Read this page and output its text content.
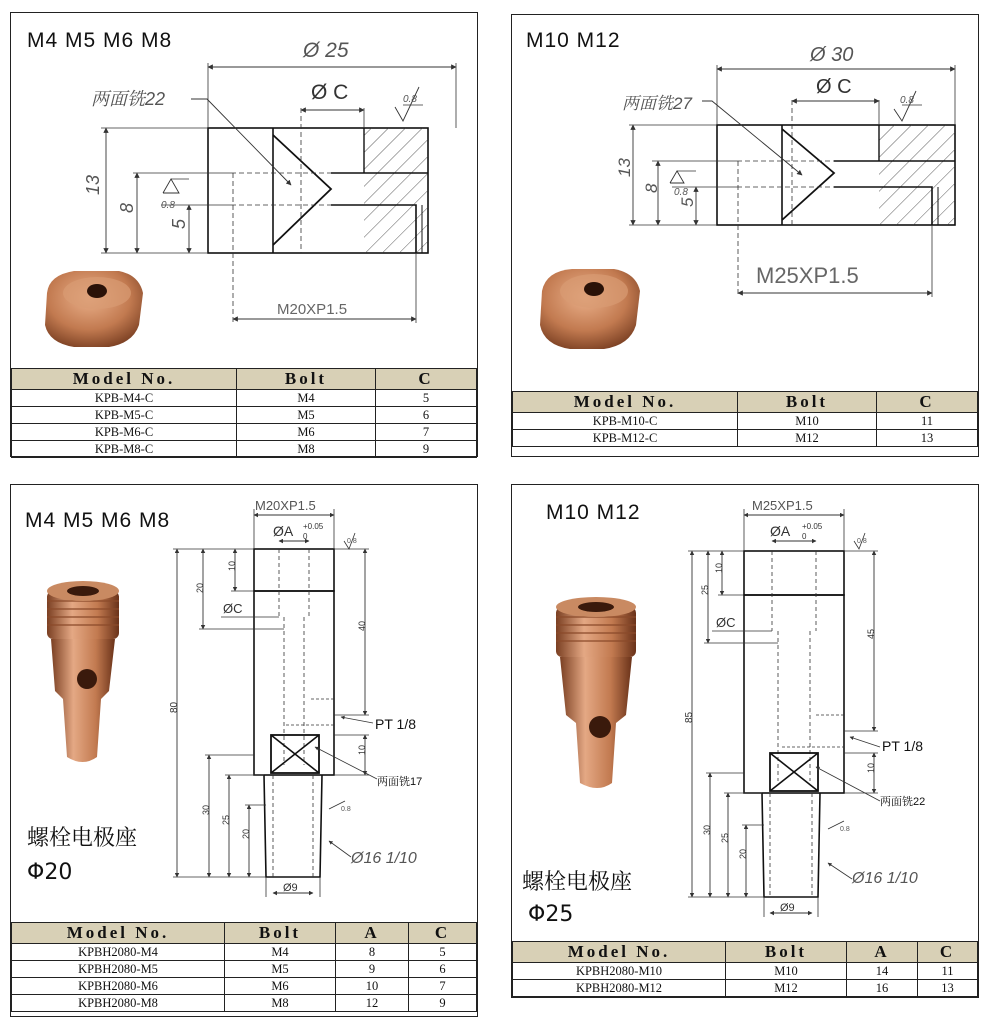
M4 M5 M6 M8	Ø 25
Ø C
两面铣22	0.8
0.8
13
8
5
M20XP1.5
Model No.	Bolt	C
KPB-M4-C	M4	5
KPB-M5-C	M5	6
KPB-M6-C	M6	7
KPB-M8-C	M8	9
M10 M12
Ø 30
Ø C
两面铣27	0.8
0.8
13
8
5
M25XP1.5
Model No.	Bolt	C
KPB-M10-C	M10	11
KPB-M12-C	M12	13
M4 M5 M6 M8
M20XP1.5
ØA +0.05
0
0.8
ØC
PT 1/8
两面铣17
Ø16 1/10
Ø9
80
10
20
40
10
30
25
20
0.8
螺栓电极座
Φ20
Model No.	Bolt	A	C
KPBH2080-M4	M4	8	5
KPBH2080-M5	M5	9	6
KPBH2080-M6	M6	10	7
KPBH2080-M8	M8	12	9
M10 M12	M25XP1.5
ØA +0.05
0
0.8
ØC
PT 1/8
两面铣22
Ø16 1/10
Ø9
85
10
25
45
10
30
25
20
0.8
螺栓电极座
Φ25
Model No.	Bolt	A	C
KPBH2080-M10	M10	14	11
KPBH2080-M12	M12	16	13
